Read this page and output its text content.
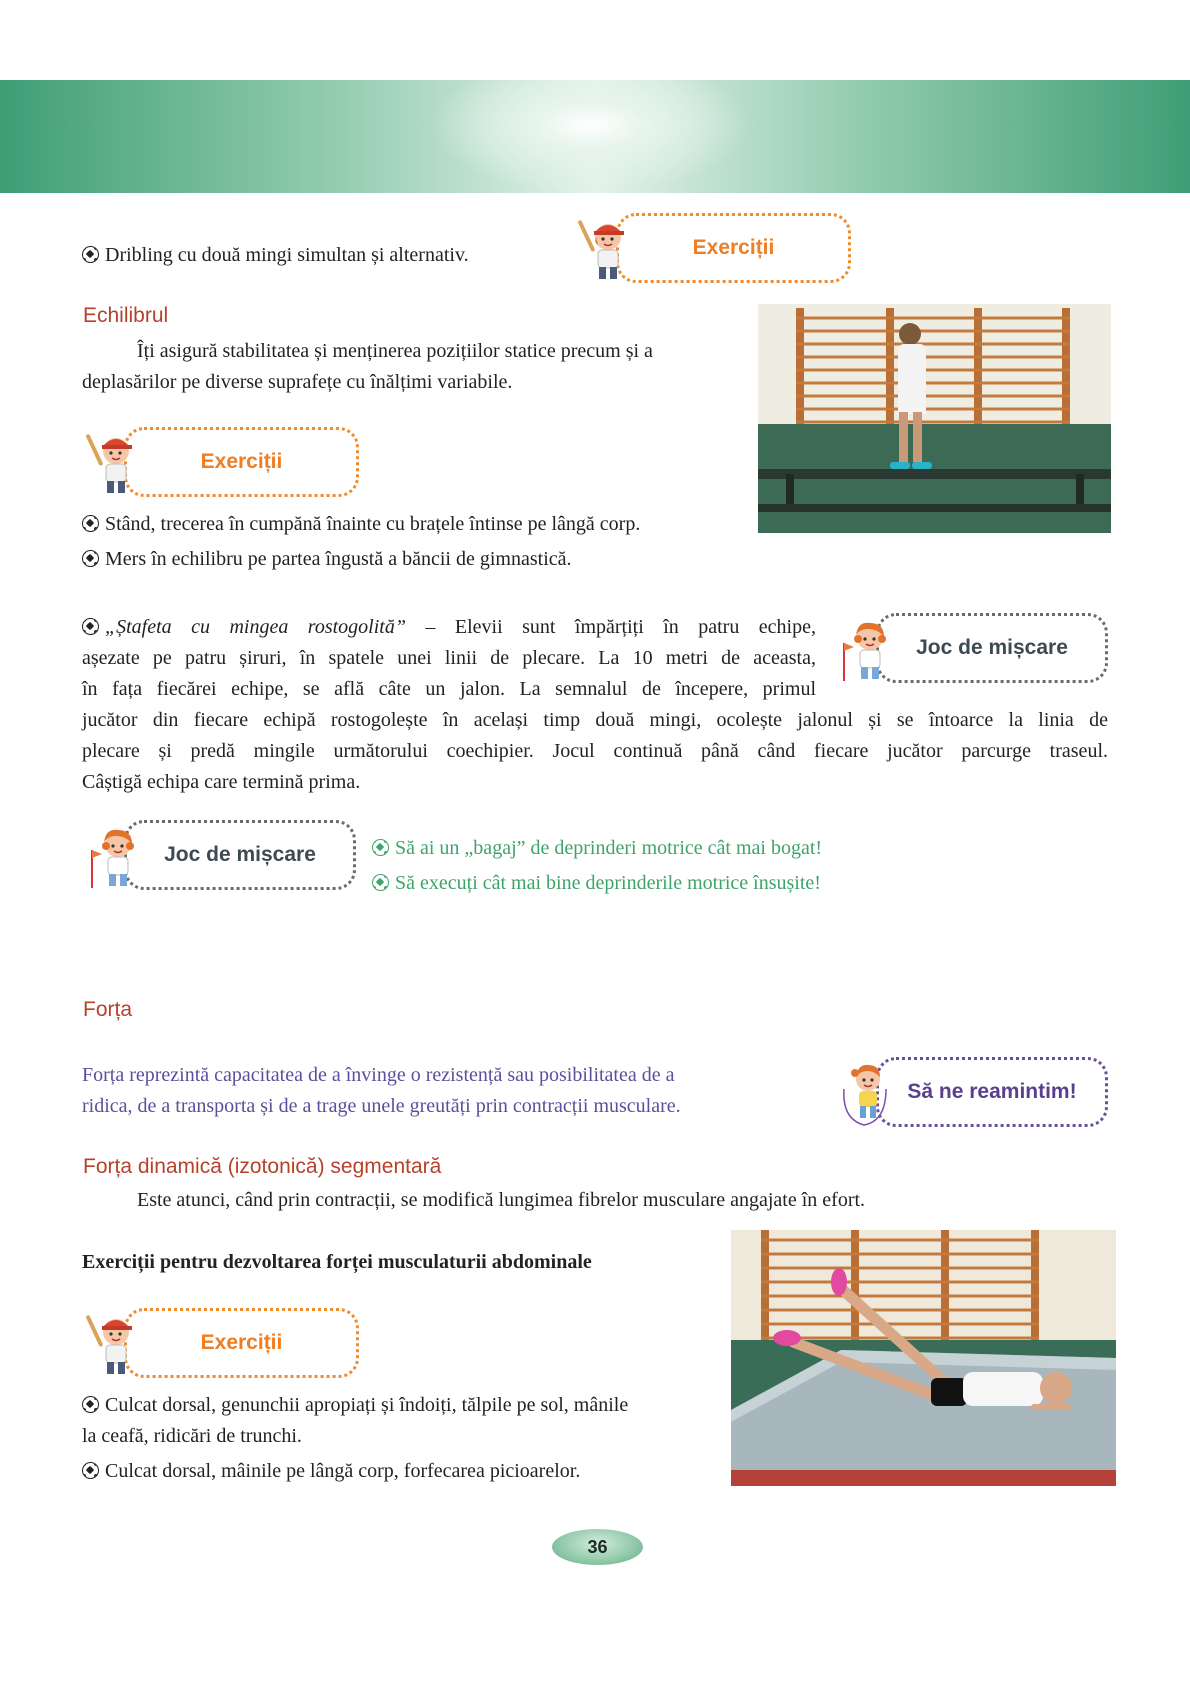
Dribling cu două mingi simultan și alternativ.	Exerciții
Echilibrul
Îți asigură stabilitatea și menținerea pozițiilor statice precum și a
deplasărilor pe diverse suprafețe cu înălțimi variabile.
Exerciții
Stând, trecerea în cumpănă înainte cu brațele întinse pe lângă corp.
Mers în echilibru pe partea îngustă a băncii de gimnastică.
„Ștafeta cu mingea rostogolită” – Elevii sunt împărțiți în patru echipe,
așezate pe patru șiruri, în spatele unei linii de plecare. La 10 metri de aceasta,
în fața fiecărei echipe, se află câte un jalon. La semnalul de începere, primul
jucător din fiecare echipă rostogolește în același timp două mingi, ocolește jalonul și se întoarce la linia de
plecare și predă mingile următorului coechipier. Jocul continuă până când fiecare jucător parcurge traseul.
Câștigă echipa care termină prima.
Joc de mișcare
Joc de mișcare	Să ai un „bagaj” de deprinderi motrice cât mai bogat!
Să execuți cât mai bine deprinderile motrice însușite!
Forța
Forța reprezintă capacitatea de a învinge o rezistență sau posibilitatea de a
ridica, de a transporta și de a trage unele greutăți prin contracții musculare.
Să ne reamintim!
Forța dinamică (izotonică) segmentară
Este atunci, când prin contracții, se modifică lungimea fibrelor musculare angajate în efort.
Exerciții pentru dezvoltarea forței musculaturii abdominale
Exerciții
Culcat dorsal, genunchii apropiați și îndoiți, tălpile pe sol, mânile
la ceafă, ridicări de trunchi.
Culcat dorsal, mâinile pe lângă corp, forfecarea picioarelor.
36
